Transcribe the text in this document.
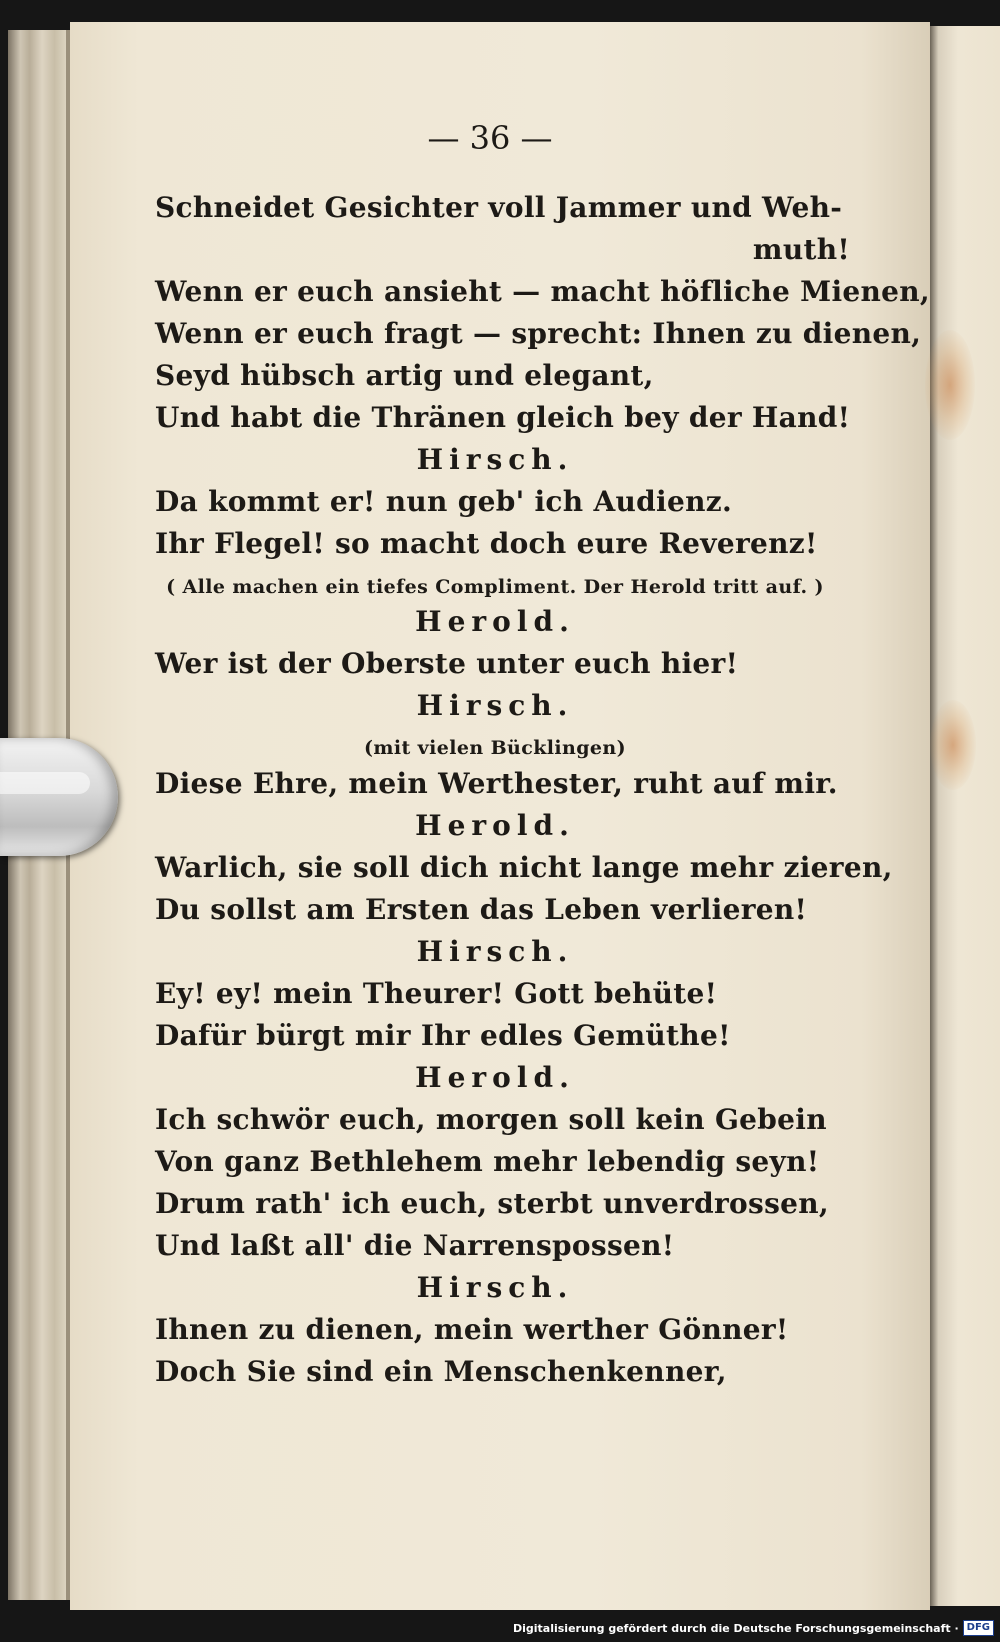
— 36 —
Schneidet Gesichter voll Jammer und Weh-
muth!
Wenn er euch ansieht — macht höfliche Mienen,
Wenn er euch fragt — sprecht: Ihnen zu dienen,
Seyd hübsch artig und elegant,
Und habt die Thränen gleich bey der Hand!
Hirsch.
Da kommt er! nun geb' ich Audienz.
Ihr Flegel! so macht doch eure Reverenz!
( Alle machen ein tiefes Compliment. Der Herold tritt auf. )
Herold.
Wer ist der Oberste unter euch hier!
Hirsch.
(mit vielen Bücklingen)
Diese Ehre, mein Werthester, ruht auf mir.
Herold.
Warlich, sie soll dich nicht lange mehr zieren,
Du sollst am Ersten das Leben verlieren!
Hirsch.
Ey! ey! mein Theurer! Gott behüte!
Dafür bürgt mir Ihr edles Gemüthe!
Herold.
Ich schwör euch, morgen soll kein Gebein
Von ganz Bethlehem mehr lebendig seyn!
Drum rath' ich euch, sterbt unverdrossen,
Und laßt all' die Narrenspossen!
Hirsch.
Ihnen zu dienen, mein werther Gönner!
Doch Sie sind ein Menschenkenner,
Digitalisierung gefördert durch die Deutsche Forschungsgemeinschaft · DFG
